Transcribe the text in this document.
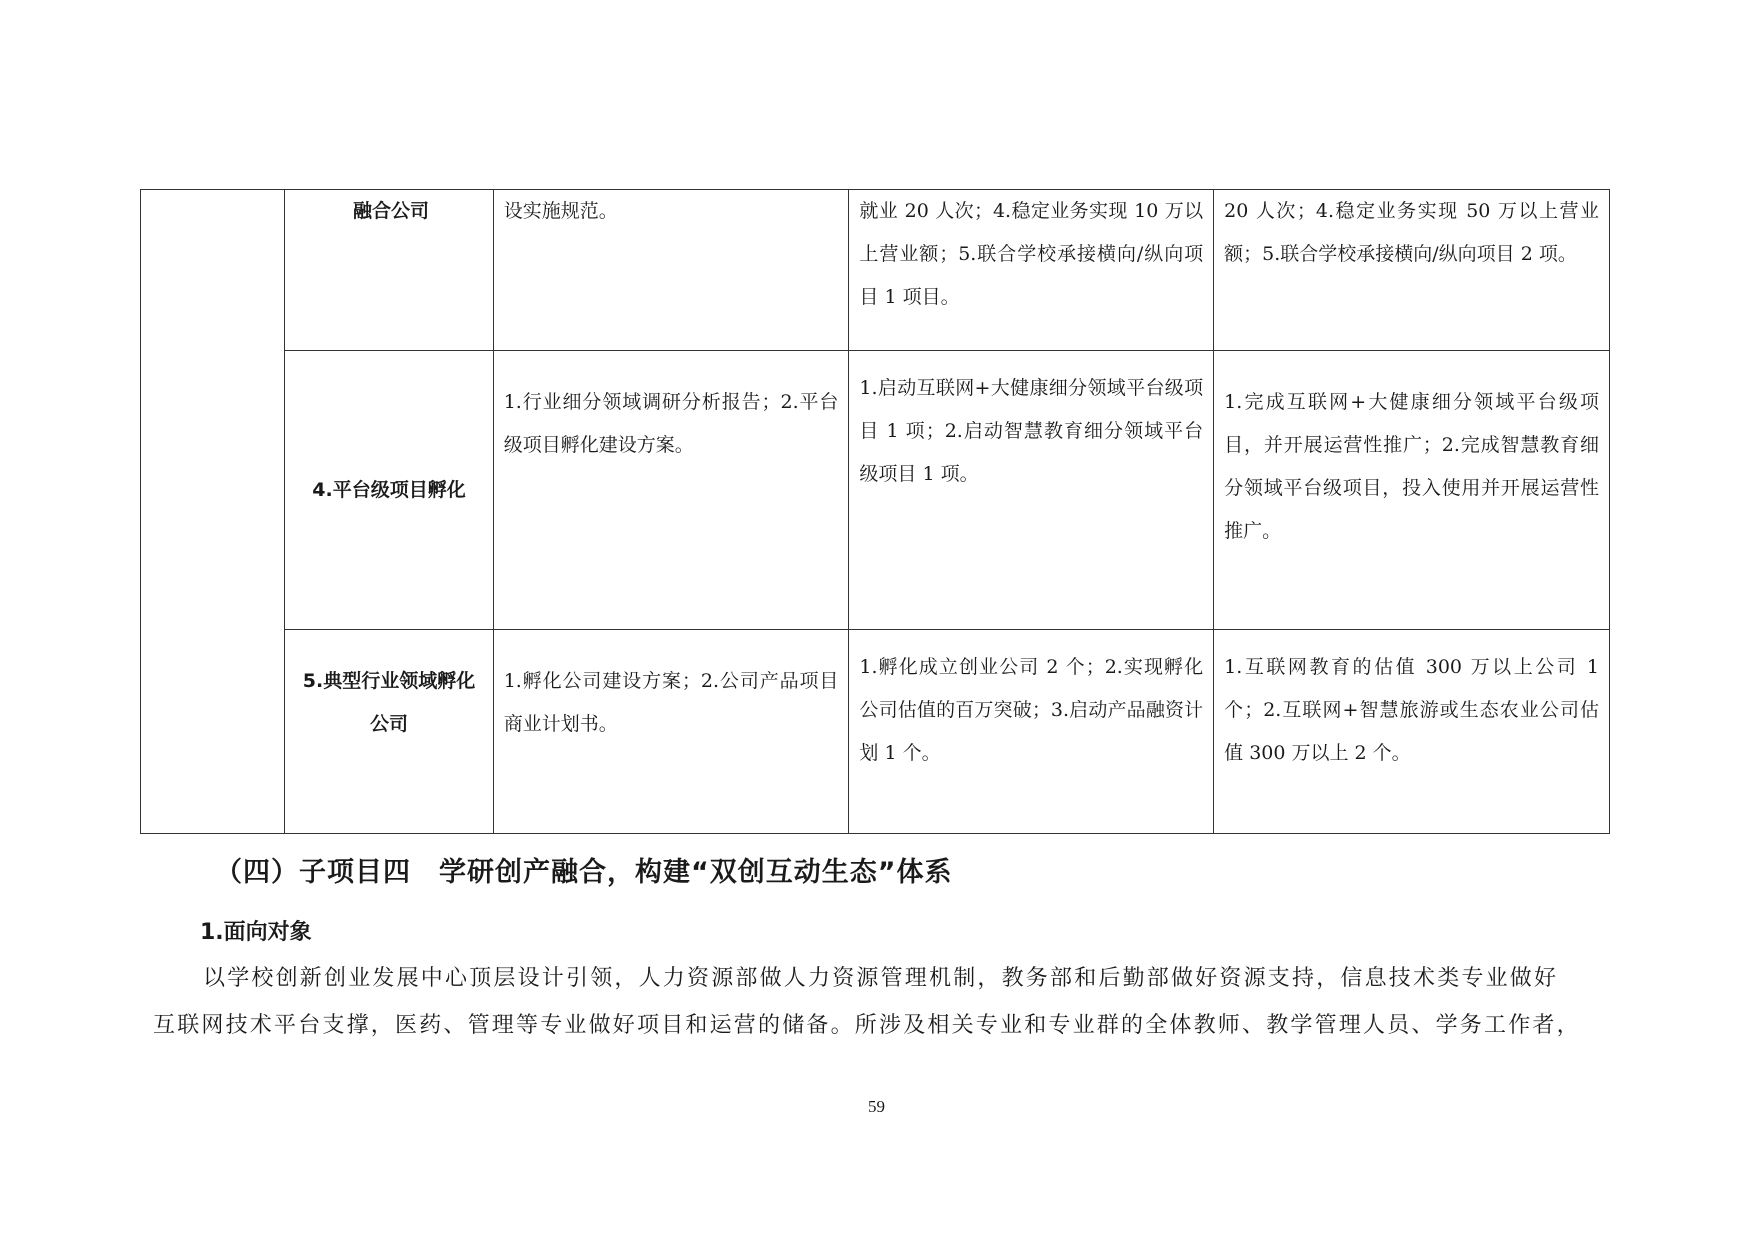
	融合公司	设实施规范。	就业 20 人次；4.稳定业务实现 10 万以上营业额；5.联合学校承接横向/纵向项目 1 项目。	20 人次；4.稳定业务实现 50 万以上营业额；5.联合学校承接横向/纵向项目 2 项。
	4.平台级项目孵化	1.行业细分领域调研分析报告；2.平台级项目孵化建设方案。	1.启动互联网+大健康细分领域平台级项目 1 项；2.启动智慧教育细分领域平台级项目 1 项。	1.完成互联网+大健康细分领域平台级项目，并开展运营性推广；2.完成智慧教育细分领域平台级项目，投入使用并开展运营性推广。
	5.典型行业领域孵化公司	1.孵化公司建设方案；2.公司产品项目商业计划书。	1.孵化成立创业公司 2 个；2.实现孵化公司估值的百万突破；3.启动产品融资计划 1 个。	1.互联网教育的估值 300 万以上公司 1 个；2.互联网+智慧旅游或生态农业公司估值 300 万以上 2 个。
（四）子项目四　学研创产融合，构建“双创互动生态”体系
1.面向对象
以学校创新创业发展中心顶层设计引领，人力资源部做人力资源管理机制，教务部和后勤部做好资源支持，信息技术类专业做好
互联网技术平台支撑，医药、管理等专业做好项目和运营的储备。所涉及相关专业和专业群的全体教师、教学管理人员、学务工作者，
59
